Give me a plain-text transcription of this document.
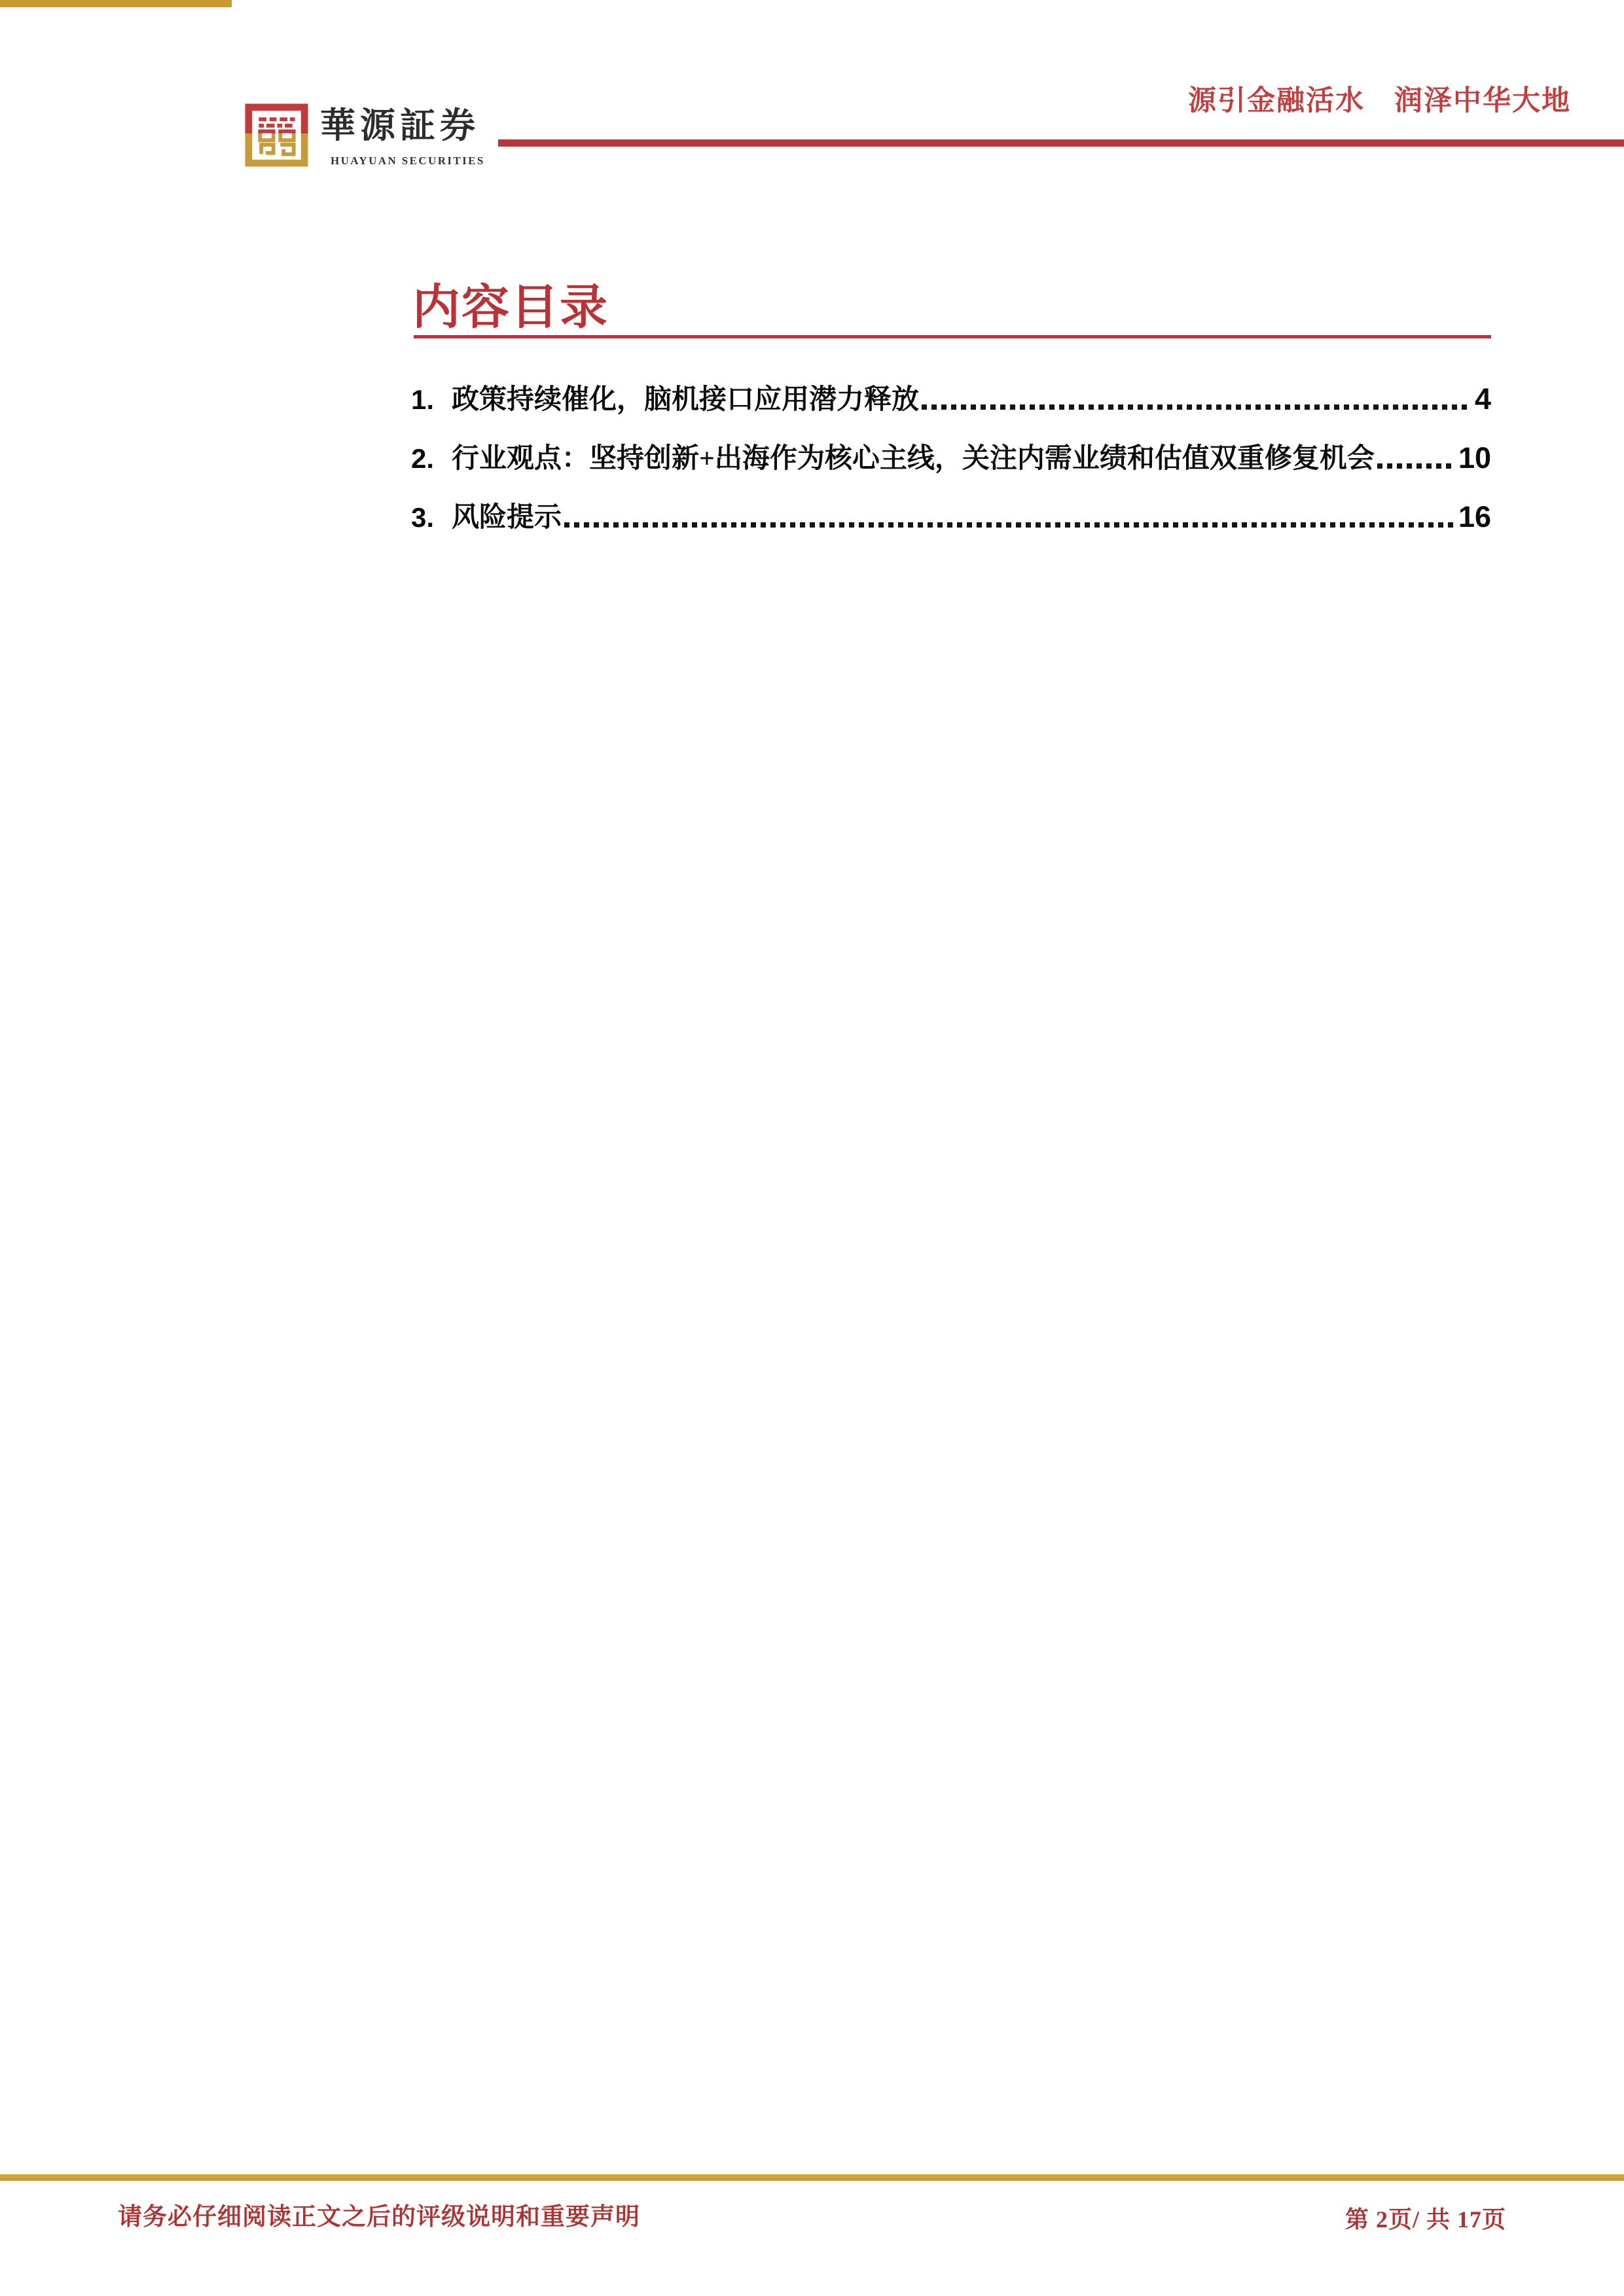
華源証券
HUAYUAN SECURITIES
源引金融活水　润泽中华大地
内容目录
1. 政策持续催化，脑机接口应用潜力释放	4
2. 行业观点：坚持创新+出海作为核心主线，关注内需业绩和估值双重修复机会	10
3. 风险提示	16
请务必仔细阅读正文之后的评级说明和重要声明	第 2页/ 共 17页
